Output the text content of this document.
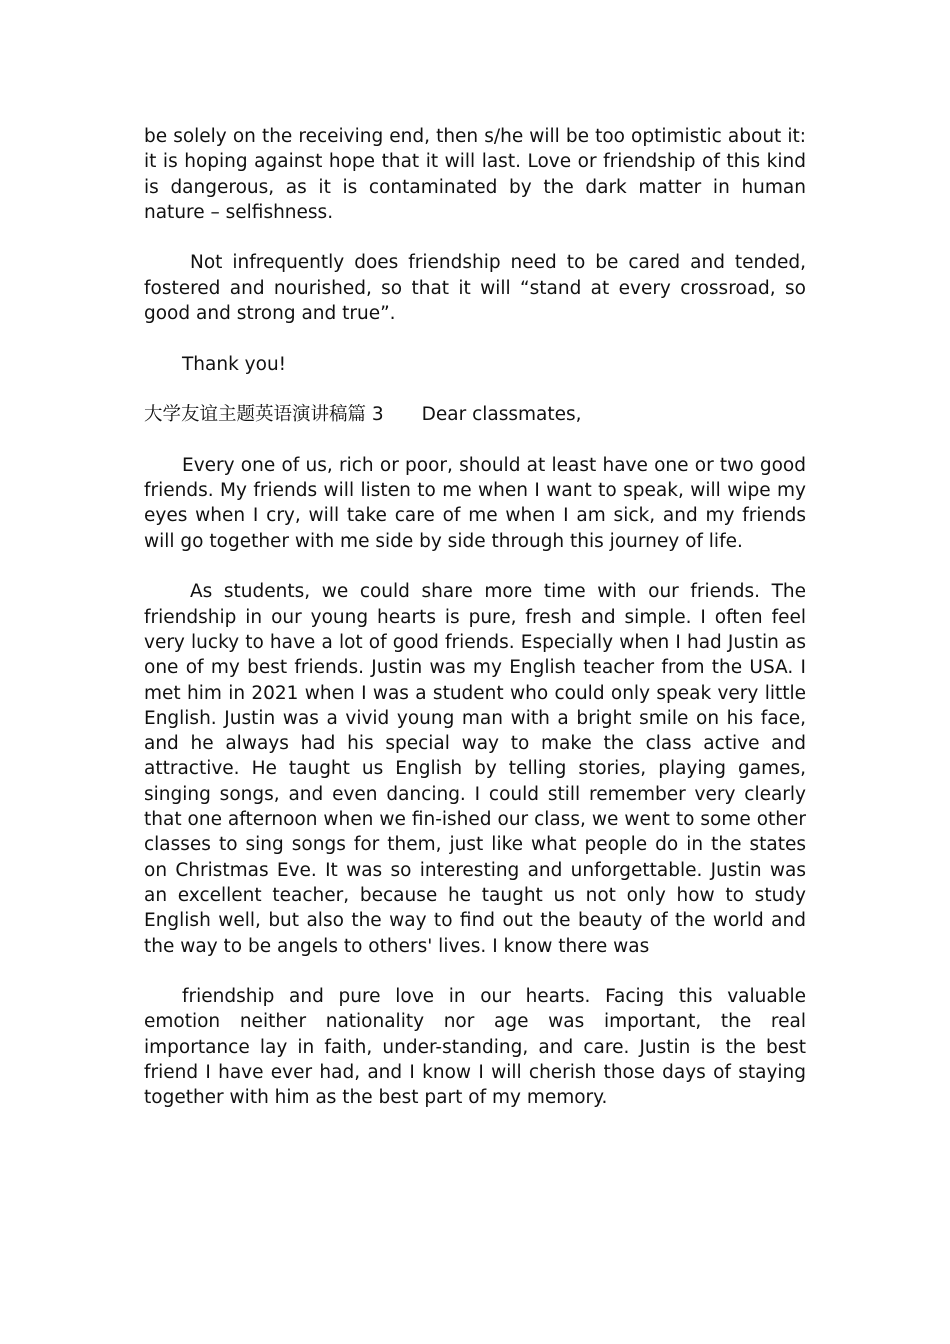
be solely on the receiving end, then s/he will be too optimistic about it: it is hoping against hope that it will last. Love or friendship of this kind is dangerous, as it is contaminated by the dark matter in human nature – selfishness.

Not infrequently does friendship need to be cared and tended, fostered and nourished, so that it will “stand at every crossroad, so good and strong and true”.

Thank you!

大学友谊主题英语演讲稿篇 3 Dear classmates,

Every one of us, rich or poor, should at least have one or two good friends. My friends will listen to me when I want to speak, will wipe my eyes when I cry, will take care of me when I am sick, and my friends will go together with me side by side through this journey of life.

As students, we could share more time with our friends. The friendship in our young hearts is pure, fresh and simple. I often feel very lucky to have a lot of good friends. Especially when I had Justin as one of my best friends. Justin was my English teacher from the USA. I met him in 2021 when I was a student who could only speak very little English. Justin was a vivid young man with a bright smile on his face, and he always had his special way to make the class active and attractive. He taught us English by telling stories, playing games, singing songs, and even dancing. I could still remember very clearly that one afternoon when we fin-ished our class, we went to some other classes to sing songs for them, just like what people do in the states on Christmas Eve. It was so interesting and unforgettable. Justin was an excellent teacher, because he taught us not only how to study English well, but also the way to find out the beauty of the world and the way to be angels to others' lives. I know there was

friendship and pure love in our hearts. Facing this valuable emotion neither nationality nor age was important, the real importance lay in faith, under-standing, and care. Justin is the best friend I have ever had, and I know I will cherish those days of staying together with him as the best part of my memory.
